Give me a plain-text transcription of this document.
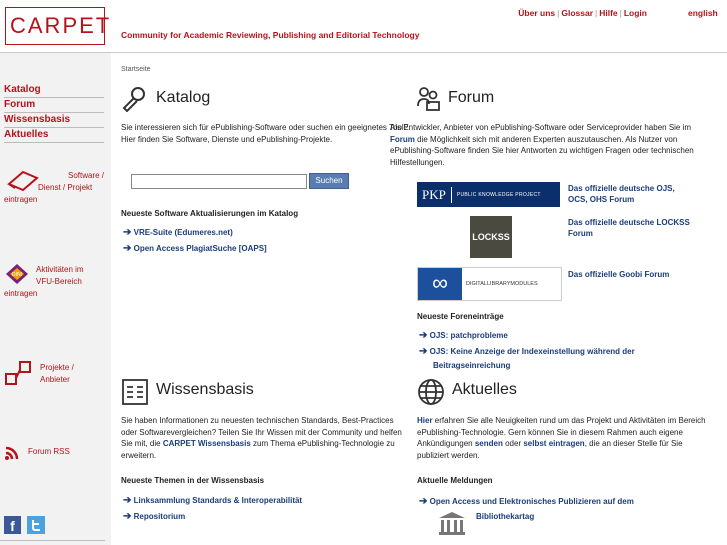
CARPET Community for Academic Reviewing, Publishing and Editorial Technology
Über uns | Glossar | Hilfe | Login	english
Katalog
Forum
Wissensbasis
Aktuelles
Software /
Dienst / Projekt
eintragen
DINI
Aktivitäten im
VFU-Bereich
eintragen
Projekte /
Anbieter
Forum RSS
f
Startseite
Katalog
Sie interessieren sich für ePublishing-Software oder suchen ein geeignetes Tool? Hier finden Sie Software, Dienste und ePublishing-Projekte.
Suchen
Neueste Software Aktualisierungen im Katalog
➔ VRE-Suite (Edumeres.net)
➔ Open Access PlagiatSuche [OAPS]
Forum
Als Entwickler, Anbieter von ePublishing-Software oder Serviceprovider haben Sie im Forum die Möglichkeit sich mit anderen Experten auszutauschen. Als Nutzer von ePublishing-Software finden Sie hier Antworten zu wichtigen Fragen oder technischen Hilfestellungen.
PKP	PUBLIC KNOWLEDGE PROJECT
Das offizielle deutsche OJS,
OCS, OHS Forum
LOCKSS
Das offizielle deutsche LOCKSS
Forum
∞	DIGITALLIBRARYMODULES
Das offizielle Goobi Forum
Neueste Foreneinträge
➔ OJS: patchprobleme
➔ OJS: Keine Anzeige der Indexeinstellung während der
Beitragseinreichung
Wissensbasis
Sie haben Informationen zu neuesten technischen Standards, Best-Practices oder Softwarevergleichen? Teilen Sie Ihr Wissen mit der Community und helfen Sie mit, die CARPET Wissensbasis zum Thema ePublishing-Technologie zu erweitern.
Neueste Themen in der Wissensbasis
➔ Linksammlung Standards & Interoperabilität
➔ Repositorium
Aktuelles
Hier erfahren Sie alle Neuigkeiten rund um das Projekt und Aktivitäten im Bereich ePublishing-Technologie. Gern können Sie in diesem Rahmen auch eigene Ankündigungen senden oder selbst eintragen, die an dieser Stelle für Sie publiziert werden.
Aktuelle Meldungen
➔ Open Access und Elektronisches Publizieren auf dem
Bibliothekartag
